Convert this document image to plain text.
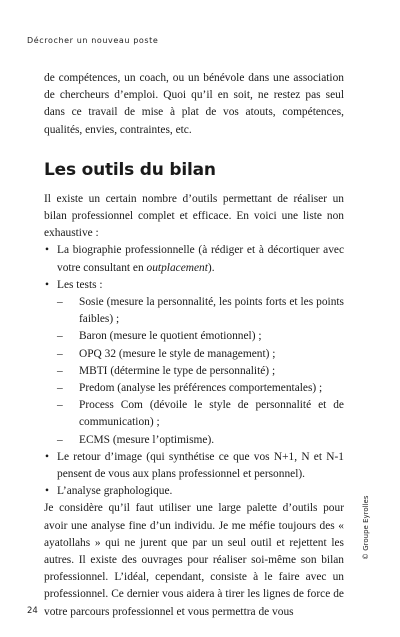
Décrocher un nouveau poste

de compétences, un coach, ou un bénévole dans une association de chercheurs d’emploi. Quoi qu’il en soit, ne restez pas seul dans ce travail de mise à plat de vos atouts, compétences, qualités, envies, contraintes, etc.

Les outils du bilan

Il existe un certain nombre d’outils permettant de réaliser un bilan professionnel complet et efficace. En voici une liste non exhaustive :

• La biographie professionnelle (à rédiger et à décortiquer avec votre consultant en outplacement).
• Les tests :
– Sosie (mesure la personnalité, les points forts et les points faibles) ;
– Baron (mesure le quotient émotionnel) ;
– OPQ 32 (mesure le style de management) ;
– MBTI (détermine le type de personnalité) ;
– Predom (analyse les préférences comportementales) ;
– Process Com (dévoile le style de personnalité et de communication) ;
– ECMS (mesure l’optimisme).
• Le retour d’image (qui synthétise ce que vos N+1, N et N-1 pensent de vous aux plans professionnel et personnel).
• L’analyse graphologique.

Je considère qu’il faut utiliser une large palette d’outils pour avoir une analyse fine d’un individu. Je me méfie toujours des « ayatollahs » qui ne jurent que par un seul outil et rejettent les autres. Il existe des ouvrages pour réaliser soi-même son bilan professionnel. L’idéal, cependant, consiste à le faire avec un professionnel. Ce dernier vous aidera à tirer les lignes de force de votre parcours professionnel et vous permettra de vous

© Groupe Eyrolles
24
